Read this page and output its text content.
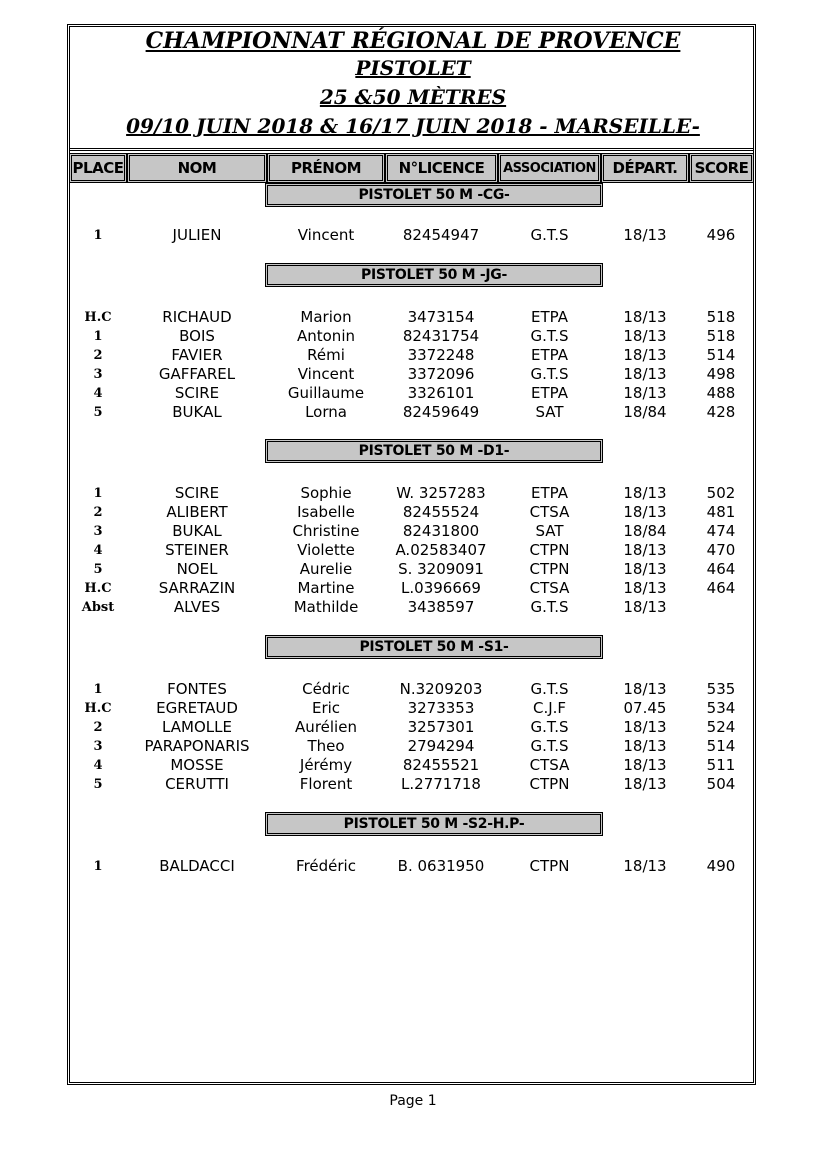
CHAMPIONNAT RÉGIONAL DE PROVENCE
PISTOLET
25 &50 MÈTRES
09/10 JUIN 2018 & 16/17 JUIN 2018 - MARSEILLE-
PLACE	NOM	PRÉNOM	N°LICENCE	ASSOCIATION	DÉPART.	SCORE
PISTOLET 50 M -CG-
1	JULIEN	Vincent	82454947	G.T.S	18/13	496
PISTOLET 50 M -JG-
H.C	RICHAUD	Marion	3473154	ETPA	18/13	518
1	BOIS	Antonin	82431754	G.T.S	18/13	518
2	FAVIER	Rémi	3372248	ETPA	18/13	514
3	GAFFAREL	Vincent	3372096	G.T.S	18/13	498
4	SCIRE	Guillaume	3326101	ETPA	18/13	488
5	BUKAL	Lorna	82459649	SAT	18/84	428
PISTOLET 50 M -D1-
1	SCIRE	Sophie	W. 3257283	ETPA	18/13	502
2	ALIBERT	Isabelle	82455524	CTSA	18/13	481
3	BUKAL	Christine	82431800	SAT	18/84	474
4	STEINER	Violette	A.02583407	CTPN	18/13	470
5	NOEL	Aurelie	S. 3209091	CTPN	18/13	464
H.C	SARRAZIN	Martine	L.0396669	CTSA	18/13	464
Abst	ALVES	Mathilde	3438597	G.T.S	18/13
PISTOLET 50 M -S1-
1	FONTES	Cédric	N.3209203	G.T.S	18/13	535
H.C	EGRETAUD	Eric	3273353	C.J.F	07.45	534
2	LAMOLLE	Aurélien	3257301	G.T.S	18/13	524
3	PARAPONARIS	Theo	2794294	G.T.S	18/13	514
4	MOSSE	Jérémy	82455521	CTSA	18/13	511
5	CERUTTI	Florent	L.2771718	CTPN	18/13	504
PISTOLET 50 M -S2-H.P-
1	BALDACCI	Frédéric	B. 0631950	CTPN	18/13	490
Page 1
